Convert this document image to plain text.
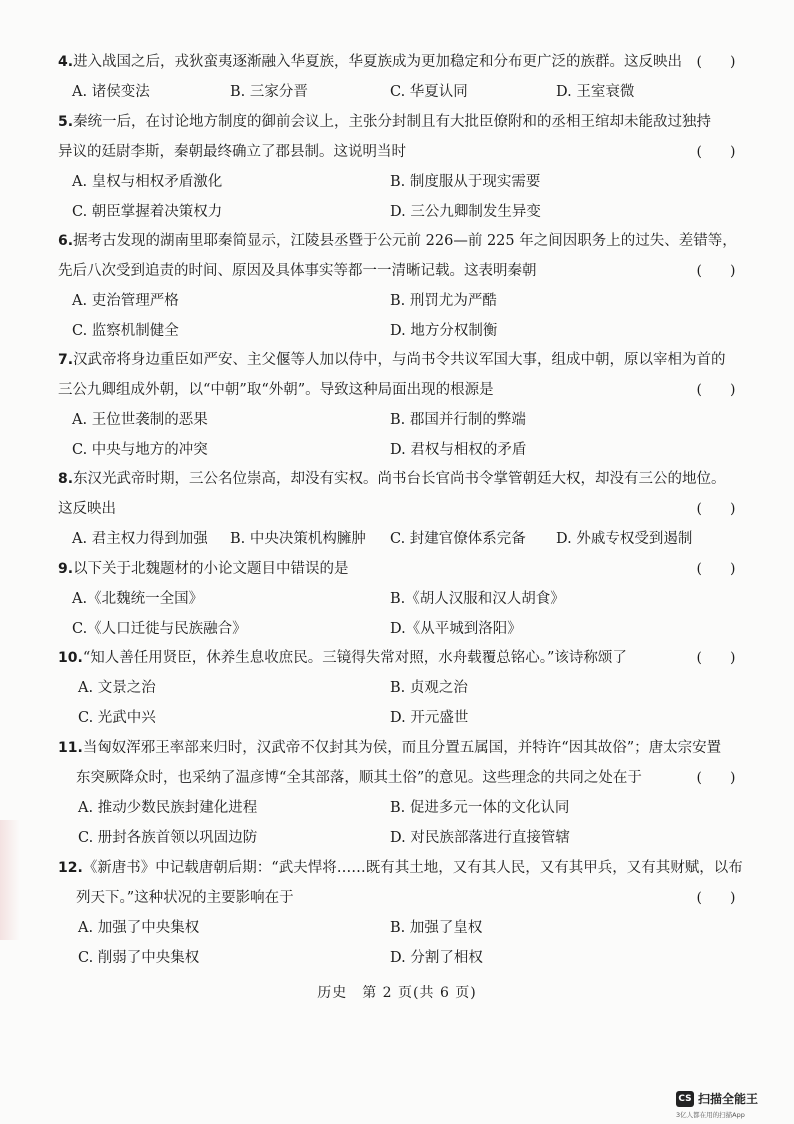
4.进入战国之后，戎狄蛮夷逐渐融入华夏族，华夏族成为更加稳定和分布更广泛的族群。这反映出 (　　)
A. 诸侯变法	B. 三家分晋	C. 华夏认同	D. 王室衰微
5.秦统一后，在讨论地方制度的御前会议上，主张分封制且有大批臣僚附和的丞相王绾却未能敌过独持
异议的廷尉李斯，秦朝最终确立了郡县制。这说明当时	(　　)
A. 皇权与相权矛盾激化	B. 制度服从于现实需要
C. 朝臣掌握着决策权力	D. 三公九卿制发生异变
6.据考古发现的湖南里耶秦简显示，江陵县丞暨于公元前 226—前 225 年之间因职务上的过失、差错等，
先后八次受到追责的时间、原因及具体事实等都一一清晰记载。这表明秦朝	(　　)
A. 吏治管理严格	B. 刑罚尤为严酷
C. 监察机制健全	D. 地方分权制衡
7.汉武帝将身边重臣如严安、主父偃等人加以侍中，与尚书令共议军国大事，组成中朝，原以宰相为首的
三公九卿组成外朝，以“中朝”取“外朝”。导致这种局面出现的根源是	(　　)
A. 王位世袭制的恶果	B. 郡国并行制的弊端
C. 中央与地方的冲突	D. 君权与相权的矛盾
8.东汉光武帝时期，三公名位崇高，却没有实权。尚书台长官尚书令掌管朝廷大权，却没有三公的地位。
这反映出	(　　)
A. 君主权力得到加强 B. 中央决策机构臃肿 C. 封建官僚体系完备 D. 外戚专权受到遏制
9.以下关于北魏题材的小论文题目中错误的是	(　　)
A.《北魏统一全国》	B.《胡人汉服和汉人胡食》
C.《人口迁徙与民族融合》	D.《从平城到洛阳》
10.“知人善任用贤臣，休养生息收庶民。三镜得失常对照，水舟载覆总铭心。”该诗称颂了	(　　)
A. 文景之治	B. 贞观之治
C. 光武中兴	D. 开元盛世
11.当匈奴浑邪王率部来归时，汉武帝不仅封其为侯，而且分置五属国，并特许“因其故俗”；唐太宗安置
东突厥降众时，也采纳了温彦博“全其部落，顺其土俗”的意见。这些理念的共同之处在于	(　　)
A. 推动少数民族封建化进程	B. 促进多元一体的文化认同
C. 册封各族首领以巩固边防	D. 对民族部落进行直接管辖
12.《新唐书》中记载唐朝后期：“武夫悍将……既有其土地，又有其人民，又有其甲兵，又有其财赋，以布
列天下。”这种状况的主要影响在于	(　　)
A. 加强了中央集权	B. 加强了皇权
C. 削弱了中央集权	D. 分割了相权
历史　第 2 页(共 6 页)
CS 扫描全能王
3亿人都在用的扫描App
